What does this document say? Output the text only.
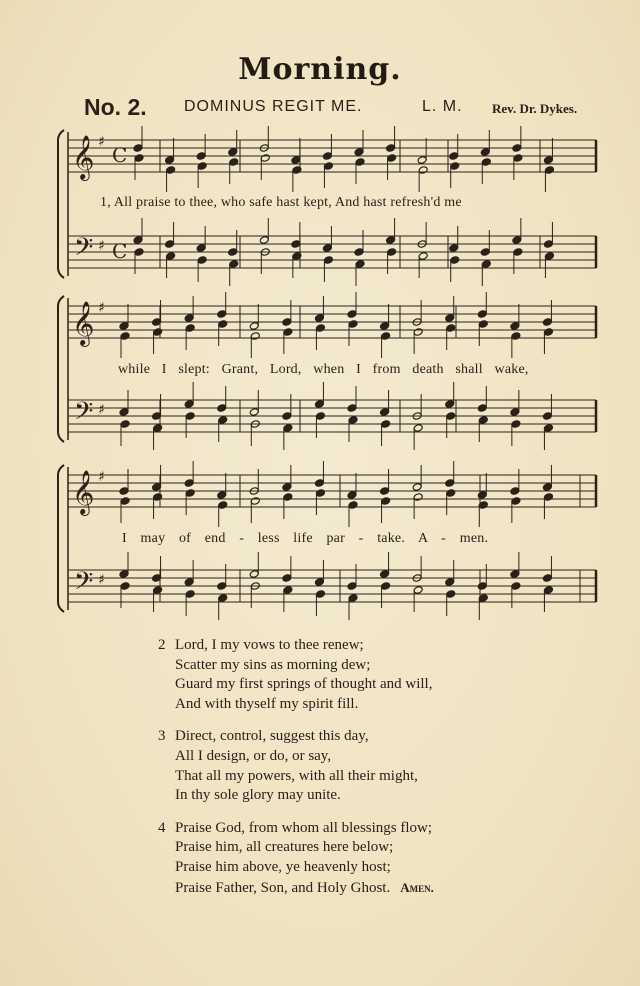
Morning.
No. 2. DOMINUS REGIT ME.	L. M. Rev. Dr. Dykes.
𝄞
𝄢
♯
♯
C
C
𝄞
𝄢
♯
♯
𝄞
𝄢
♯
♯
1, All praise to thee, who safe hast kept, And hast refresh'd me
while I slept: Grant, Lord, when I from death shall wake,
I may of end - less life par - take. A - men.
2 Lord, I my vows to thee renew;
Scatter my sins as morning dew;
Guard my first springs of thought and will,
And with thyself my spirit fill.
3 Direct, control, suggest this day,
All I design, or do, or say,
That all my powers, with all their might,
In thy sole glory may unite.
4 Praise God, from whom all blessings flow;
Praise him, all creatures here below;
Praise him above, ye heavenly host;
Praise Father, Son, and Holy Ghost. Amen.
